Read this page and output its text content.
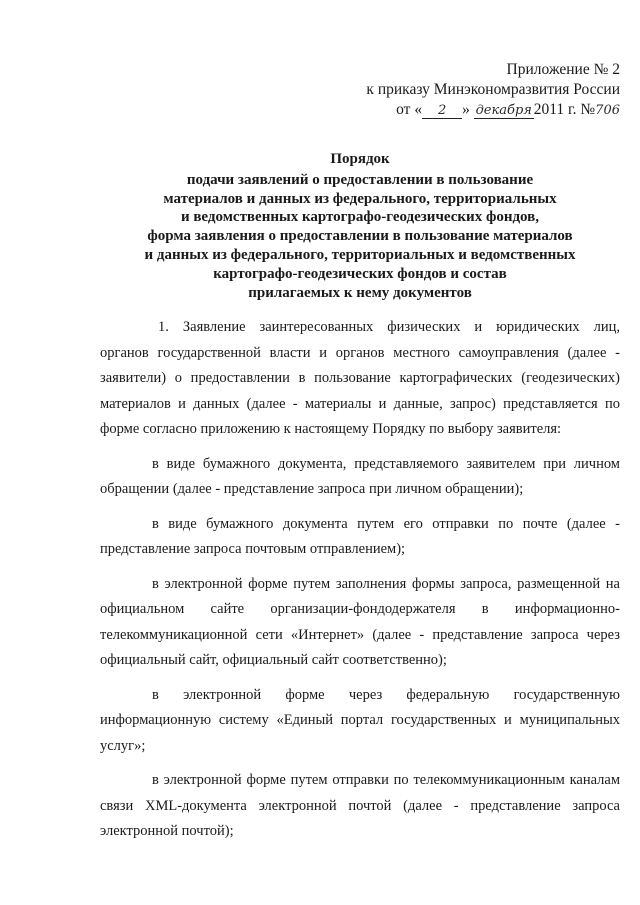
Приложение № 2
к приказу Минэкономразвития России
от « 2 » декабря 2011 г. №706
Порядок
подачи заявлений о предоставлении в пользование
материалов и данных из федерального, территориальных
и ведомственных картографо-геодезических фондов,
форма заявления о предоставлении в пользование материалов
и данных из федерального, территориальных и ведомственных
картографо-геодезических фондов и состав
прилагаемых к нему документов

1. Заявление заинтересованных физических и юридических лиц, органов государственной власти и органов местного самоуправления (далее - заявители) о предоставлении в пользование картографических (геодезических) материалов и данных (далее - материалы и данные, запрос) представляется по форме согласно приложению к настоящему Порядку по выбору заявителя:

в виде бумажного документа, представляемого заявителем при личном обращении (далее - представление запроса при личном обращении);

в виде бумажного документа путем его отправки по почте (далее - представление запроса почтовым отправлением);

в электронной форме путем заполнения формы запроса, размещенной на официальном сайте организации-фондодержателя в информационно-телекоммуникационной сети «Интернет» (далее - представление запроса через официальный сайт, официальный сайт соответственно);

в электронной форме через федеральную государственную информационную систему «Единый портал государственных и муниципальных услуг»;

в электронной форме путем отправки по телекоммуникационным каналам связи XML-документа электронной почтой (далее - представление запроса электронной почтой);
